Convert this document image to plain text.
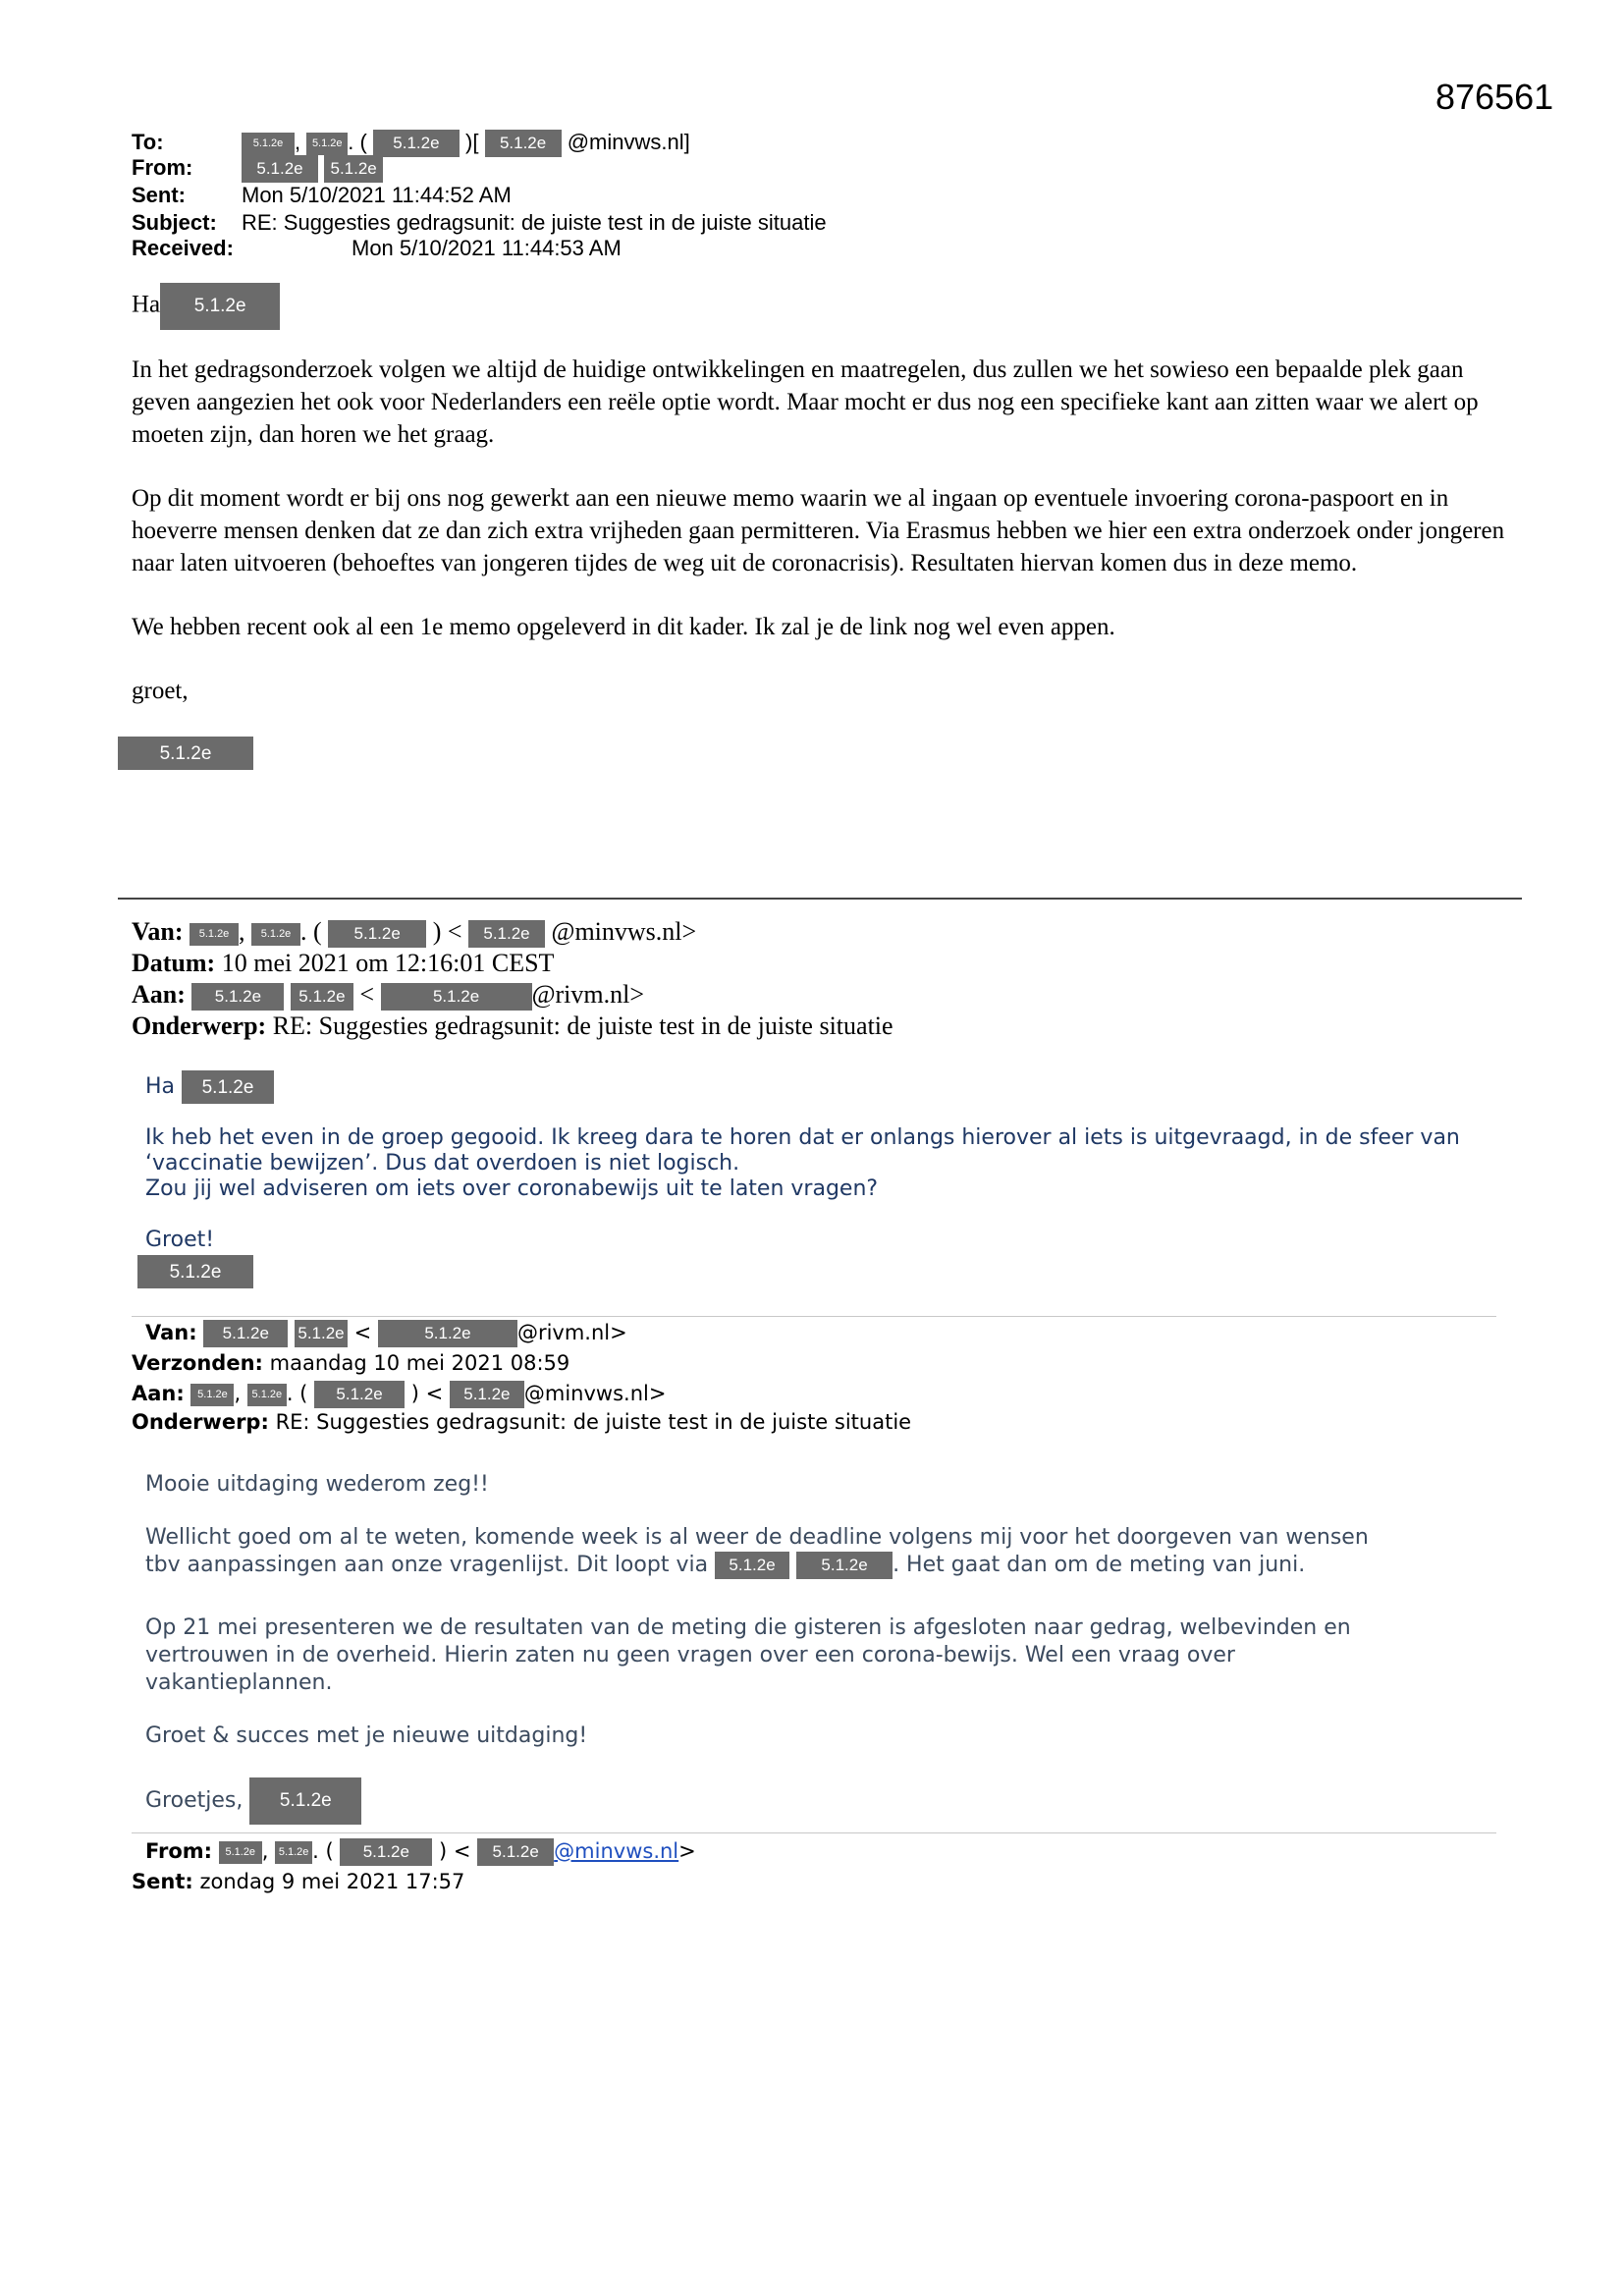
876561
To:	5.1.2e , 5.1.2e . ( 5.1.2e )[ 5.1.2e @minvws.nl]
From:	5.1.2e 5.1.2e
Sent:	Mon 5/10/2021 11:44:52 AM
Subject: RE: Suggesties gedragsunit: de juiste test in de juiste situatie
Received:	Mon 5/10/2021 11:44:53 AM
Ha 5.1.2e

In het gedragsonderzoek volgen we altijd de huidige ontwikkelingen en maatregelen, dus zullen we het sowieso een bepaalde plek gaan geven aangezien het ook voor Nederlanders een reële optie wordt. Maar mocht er dus nog een specifieke kant aan zitten waar we alert op moeten zijn, dan horen we het graag.

Op dit moment wordt er bij ons nog gewerkt aan een nieuwe memo waarin we al ingaan op eventuele invoering corona-paspoort en in hoeverre mensen denken dat ze dan zich extra vrijheden gaan permitteren. Via Erasmus hebben we hier een extra onderzoek onder jongeren naar laten uitvoeren (behoeftes van jongeren tijdes de weg uit de coronacrisis). Resultaten hiervan komen dus in deze memo.

We hebben recent ook al een 1e memo opgeleverd in dit kader. Ik zal je de link nog wel even appen.

groet,

5.1.2e
Van: 5.1.2e , 5.1.2e . ( 5.1.2e ) < 5.1.2e @minvws.nl>
Datum: 10 mei 2021 om 12:16:01 CEST
Aan: 5.1.2e 5.1.2e <	5.1.2e @rivm.nl>
Onderwerp: RE: Suggesties gedragsunit: de juiste test in de juiste situatie
Ha 5.1.2e
Ik heb het even in de groep gegooid. Ik kreeg dara te horen dat er onlangs hierover al iets is uitgevraagd, in de sfeer van
‘vaccinatie bewijzen’. Dus dat overdoen is niet logisch.
Zou jij wel adviseren om iets over coronabewijs uit te laten vragen?
Groet!
5.1.2e
Van: 5.1.2e 5.1.2e <	5.1.2e @rivm.nl>
Verzonden: maandag 10 mei 2021 08:59
Aan: 5.1.2e , 5.1.2e . ( 5.1.2e ) < 5.1.2e @minvws.nl>
Onderwerp: RE: Suggesties gedragsunit: de juiste test in de juiste situatie
Mooie uitdaging wederom zeg!!
Wellicht goed om al te weten, komende week is al weer de deadline volgens mij voor het doorgeven van wensen
tbv aanpassingen aan onze vragenlijst. Dit loopt via 5.1.2e	5.1.2e . Het gaat dan om de meting van juni.
Op 21 mei presenteren we de resultaten van de meting die gisteren is afgesloten naar gedrag, welbevinden en
vertrouwen in de overheid. Hierin zaten nu geen vragen over een corona-bewijs. Wel een vraag over
vakantieplannen.
Groet & succes met je nieuwe uitdaging!
Groetjes, 5.1.2e
From: 5.1.2e , 5.1.2e . ( 5.1.2e ) < 5.1.2e @minvws.nl>
Sent: zondag 9 mei 2021 17:57
